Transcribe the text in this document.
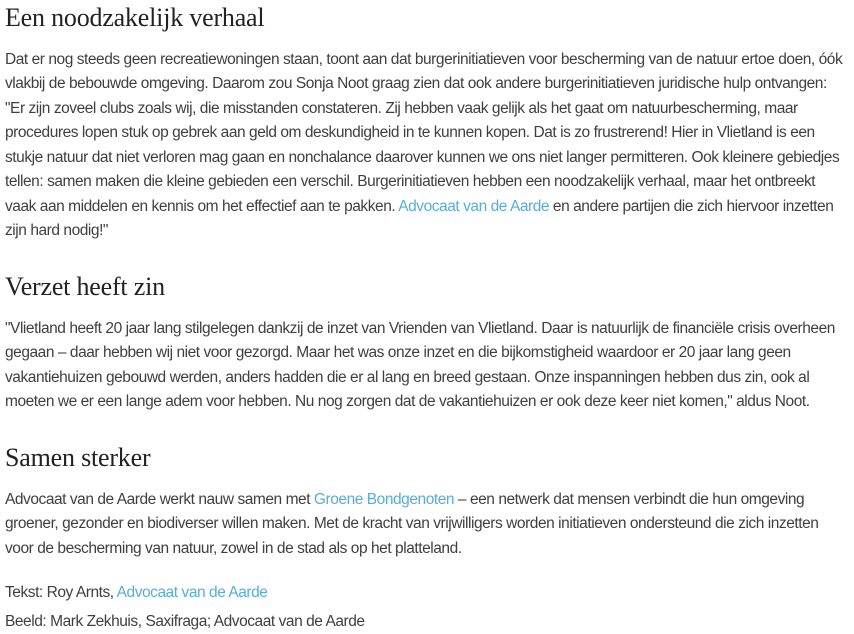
Een noodzakelijk verhaal

Dat er nog steeds geen recreatiewoningen staan, toont aan dat burgerinitiatieven voor bescherming van de natuur ertoe doen, óók vlakbij de bebouwde omgeving. Daarom zou Sonja Noot graag zien dat ook andere burgerinitiatieven juridische hulp ontvangen: "Er zijn zoveel clubs zoals wij, die misstanden constateren. Zij hebben vaak gelijk als het gaat om natuurbescherming, maar procedures lopen stuk op gebrek aan geld om deskundigheid in te kunnen kopen. Dat is zo frustrerend! Hier in Vlietland is een stukje natuur dat niet verloren mag gaan en nonchalance daarover kunnen we ons niet langer permitteren. Ook kleinere gebiedjes tellen: samen maken die kleine gebieden een verschil. Burgerinitiatieven hebben een noodzakelijk verhaal, maar het ontbreekt vaak aan middelen en kennis om het effectief aan te pakken. Advocaat van de Aarde en andere partijen die zich hiervoor inzetten zijn hard nodig!"

Verzet heeft zin

"Vlietland heeft 20 jaar lang stilgelegen dankzij de inzet van Vrienden van Vlietland. Daar is natuurlijk de financiële crisis overheen gegaan – daar hebben wij niet voor gezorgd. Maar het was onze inzet en die bijkomstigheid waardoor er 20 jaar lang geen vakantiehuizen gebouwd werden, anders hadden die er al lang en breed gestaan. Onze inspanningen hebben dus zin, ook al moeten we er een lange adem voor hebben. Nu nog zorgen dat de vakantiehuizen er ook deze keer niet komen," aldus Noot.

Samen sterker

Advocaat van de Aarde werkt nauw samen met Groene Bondgenoten – een netwerk dat mensen verbindt die hun omgeving groener, gezonder en biodiverser willen maken. Met de kracht van vrijwilligers worden initiatieven ondersteund die zich inzetten voor de bescherming van natuur, zowel in de stad als op het platteland.

Tekst: Roy Arnts, Advocaat van de Aarde

Beeld: Mark Zekhuis, Saxifraga; Advocaat van de Aarde
